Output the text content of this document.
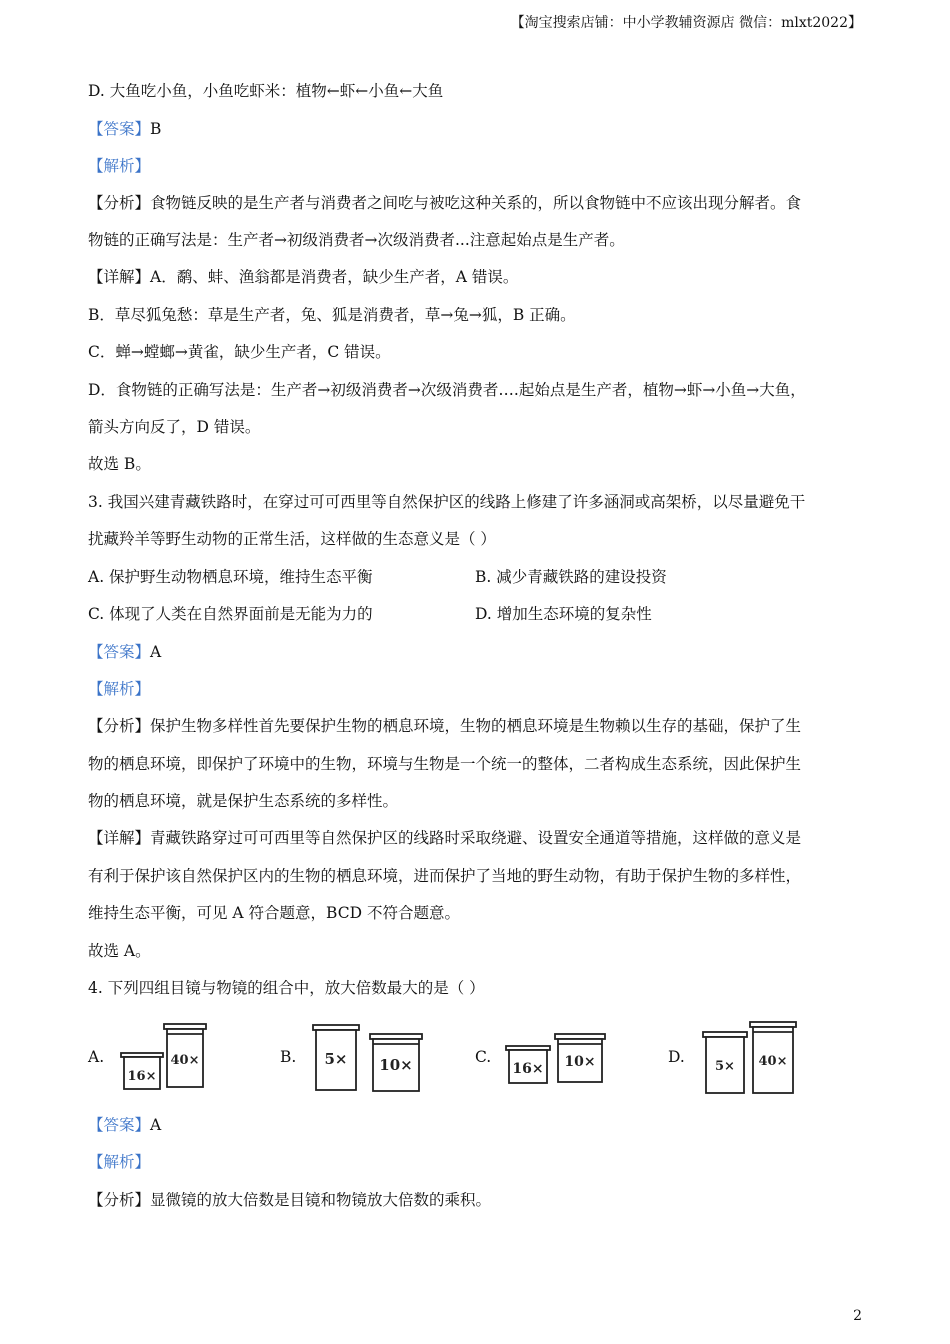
【淘宝搜索店铺：中小学教辅资源店 微信：mlxt2022】
D. 大鱼吃小鱼，小鱼吃虾米：植物←虾←小鱼←大鱼
【答案】B
【解析】
【分析】食物链反映的是生产者与消费者之间吃与被吃这种关系的，所以食物链中不应该出现分解者。食
物链的正确写法是：生产者→初级消费者→次级消费者...注意起始点是生产者。
【详解】A．鹬、蚌、渔翁都是消费者，缺少生产者，A 错误。
B．草尽狐兔愁：草是生产者，兔、狐是消费者，草→兔→狐，B 正确。
C．蝉→螳螂→黄雀，缺少生产者，C 错误。
D．食物链的正确写法是：生产者→初级消费者→次级消费者….起始点是生产者，植物→虾→小鱼→大鱼，
箭头方向反了，D 错误。
故选 B。
3. 我国兴建青藏铁路时，在穿过可可西里等自然保护区的线路上修建了许多涵洞或高架桥，以尽量避免干
扰藏羚羊等野生动物的正常生活，这样做的生态意义是（ ）
A. 保护野生动物栖息环境，维持生态平衡	B. 减少青藏铁路的建设投资
C. 体现了人类在自然界面前是无能为力的	D. 增加生态环境的复杂性
【答案】A
【解析】
【分析】保护生物多样性首先要保护生物的栖息环境，生物的栖息环境是生物赖以生存的基础，保护了生
物的栖息环境，即保护了环境中的生物，环境与生物是一个统一的整体，二者构成生态系统，因此保护生
物的栖息环境，就是保护生态系统的多样性。
【详解】青藏铁路穿过可可西里等自然保护区的线路时采取绕避、设置安全通道等措施，这样做的意义是
有利于保护该自然保护区内的生物的栖息环境，进而保护了当地的野生动物，有助于保护生物的多样性，
维持生态平衡，可见 A 符合题意，BCD 不符合题意。
故选 A。
4. 下列四组目镜与物镜的组合中，放大倍数最大的是（ ）
A.
16×
40×	B. 5× 10×	C.
16× 10×	D.
5× 40×
【答案】A
【解析】
【分析】显微镜的放大倍数是目镜和物镜放大倍数的乘积。
2
